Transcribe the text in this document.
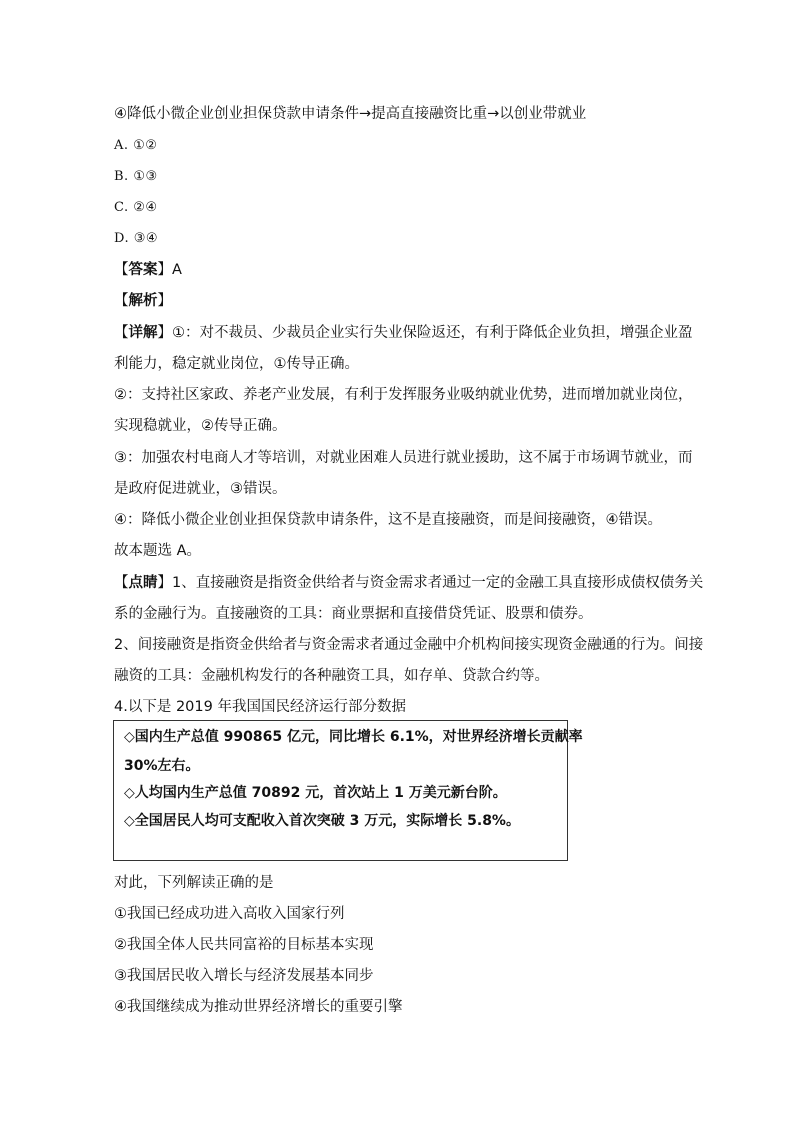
④降低小微企业创业担保贷款申请条件→提高直接融资比重→以创业带就业
A. ①②
B. ①③
C. ②④
D. ③④
【答案】A
【解析】
【详解】①：对不裁员、少裁员企业实行失业保险返还，有利于降低企业负担，增强企业盈
利能力，稳定就业岗位，①传导正确。
②：支持社区家政、养老产业发展，有利于发挥服务业吸纳就业优势，进而增加就业岗位，
实现稳就业，②传导正确。
③：加强农村电商人才等培训，对就业困难人员进行就业援助，这不属于市场调节就业，而
是政府促进就业，③错误。
④：降低小微企业创业担保贷款申请条件，这不是直接融资，而是间接融资，④错误。
故本题选 A。
【点睛】1、直接融资是指资金供给者与资金需求者通过一定的金融工具直接形成债权债务关
系的金融行为。直接融资的工具：商业票据和直接借贷凭证、股票和债券。
2、间接融资是指资金供给者与资金需求者通过金融中介机构间接实现资金融通的行为。间接
融资的工具：金融机构发行的各种融资工具，如存单、贷款合约等。
4.以下是 2019 年我国国民经济运行部分数据
◇国内生产总值 990865 亿元，同比增长 6.1%，对世界经济增长贡献率
30%左右。
◇人均国内生产总值 70892 元，首次站上 1 万美元新台阶。
◇全国居民人均可支配收入首次突破 3 万元，实际增长 5.8%。
对此，下列解读正确的是
①我国已经成功进入高收入国家行列
②我国全体人民共同富裕的目标基本实现
③我国居民收入增长与经济发展基本同步
④我国继续成为推动世界经济增长的重要引擎
